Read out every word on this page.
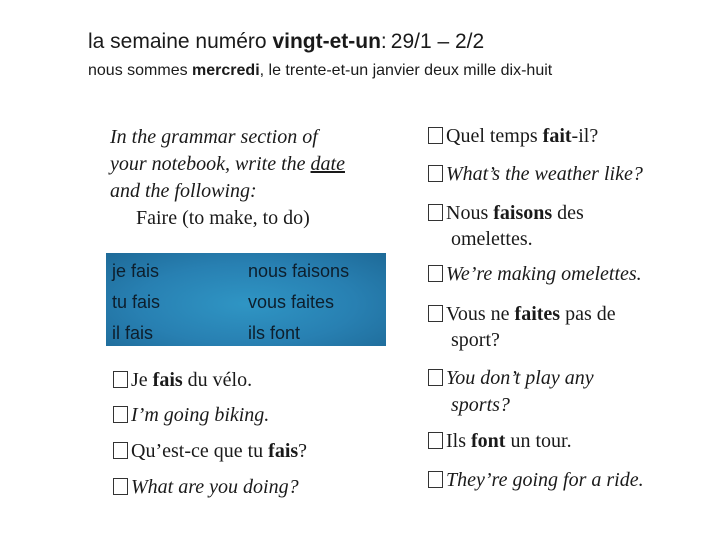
la semaine numéro vingt-et-un: 29/1 – 2/2
nous sommes mercredi, le trente-et-un janvier deux mille dix-huit
In the grammar section of
your notebook, write the date
and the following:
Faire (to make, to do)
je fais	nous faisons
tu fais	vous faites
il fais	ils font
Je fais du vélo.
I’m going biking.
Qu’est-ce que tu fais?
What are you doing?
Quel temps fait-il?
What’s the weather like?
Nous faisons des
omelettes.
We’re making omelettes.
Vous ne faites pas de
sport?
You don’t play any
sports?
Ils font un tour.
They’re going for a ride.
